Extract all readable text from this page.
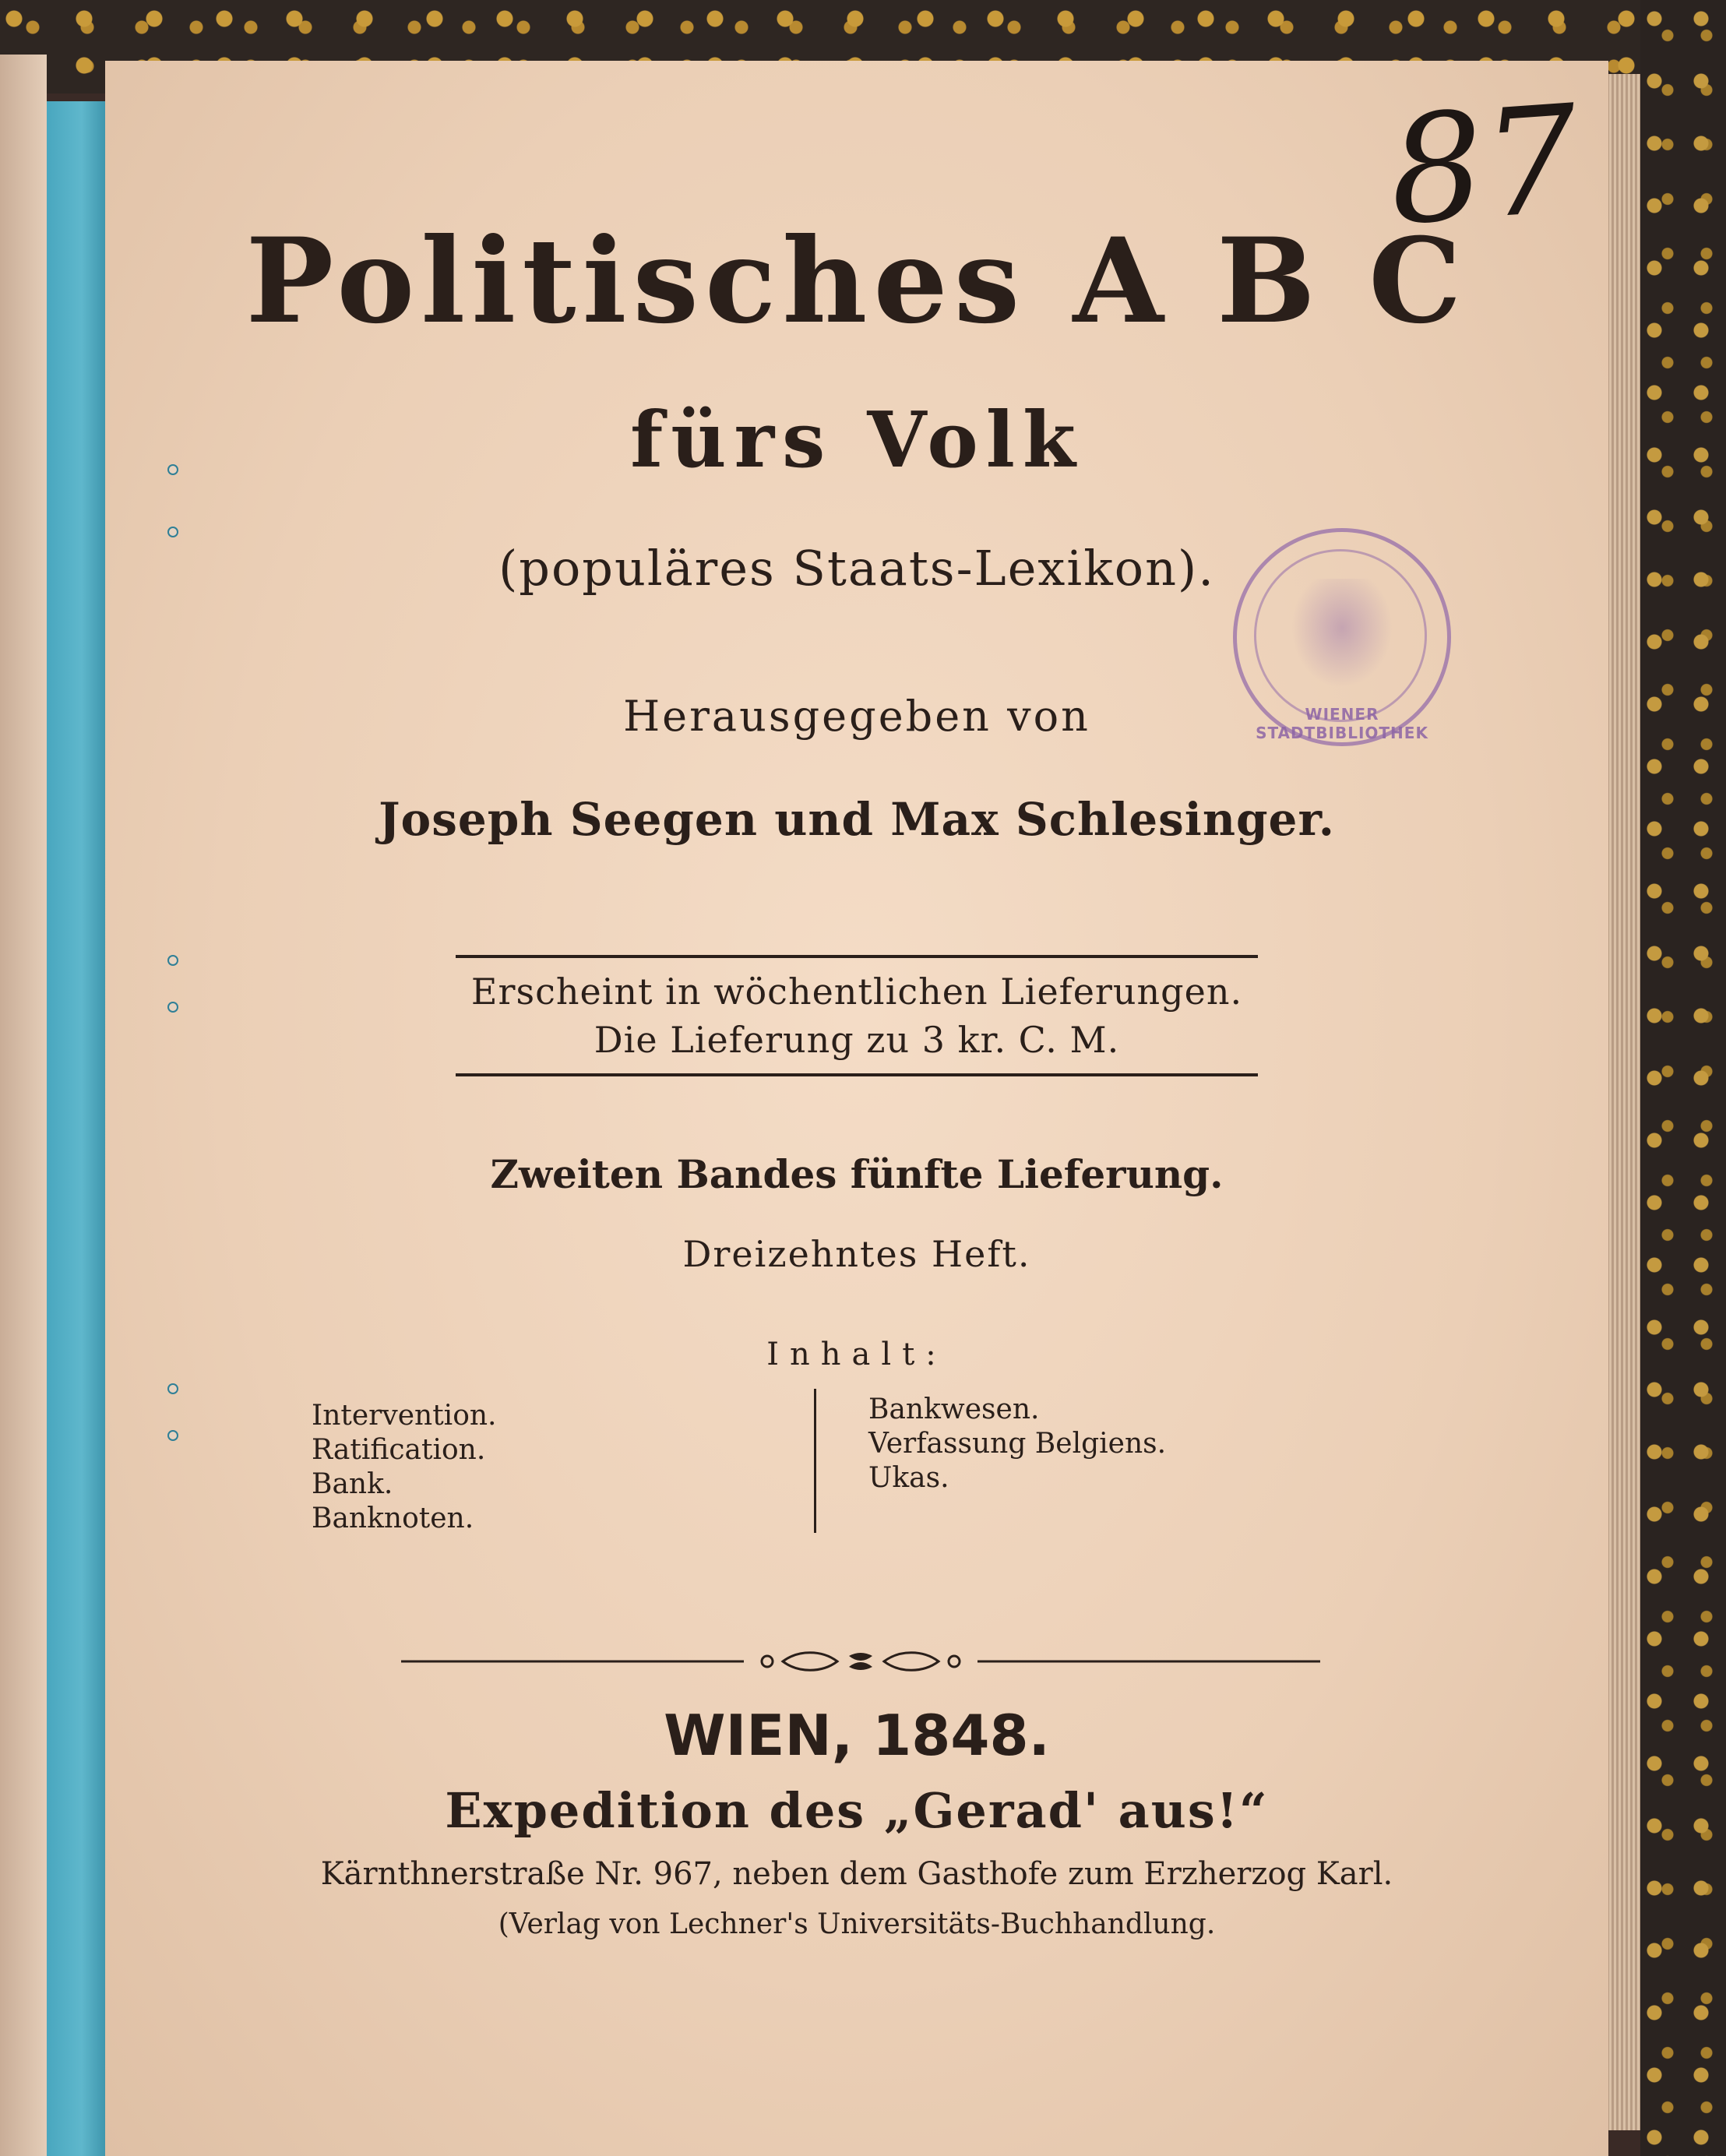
87
Politisches A B C
fürs Volk
(populäres Staats-Lexikon).
Herausgegeben von
Joseph Seegen und Max Schlesinger.
Erscheint in wöchentlichen Lieferungen.
Die Lieferung zu 3 kr. C. M.
Zweiten Bandes fünfte Lieferung.
Dreizehntes Heft.
Inhalt:
Intervention.
Ratification.
Bank.
Banknoten.
Bankwesen.
Verfassung Belgiens.
Ukas.
WIEN, 1848.
Expedition des „Gerad' aus!“
Kärnthnerstraße Nr. 967, neben dem Gasthofe zum Erzherzog Karl.
(Verlag von Lechner's Universitäts-Buchhandlung.
WIENER STADTBIBLIOTHEK
